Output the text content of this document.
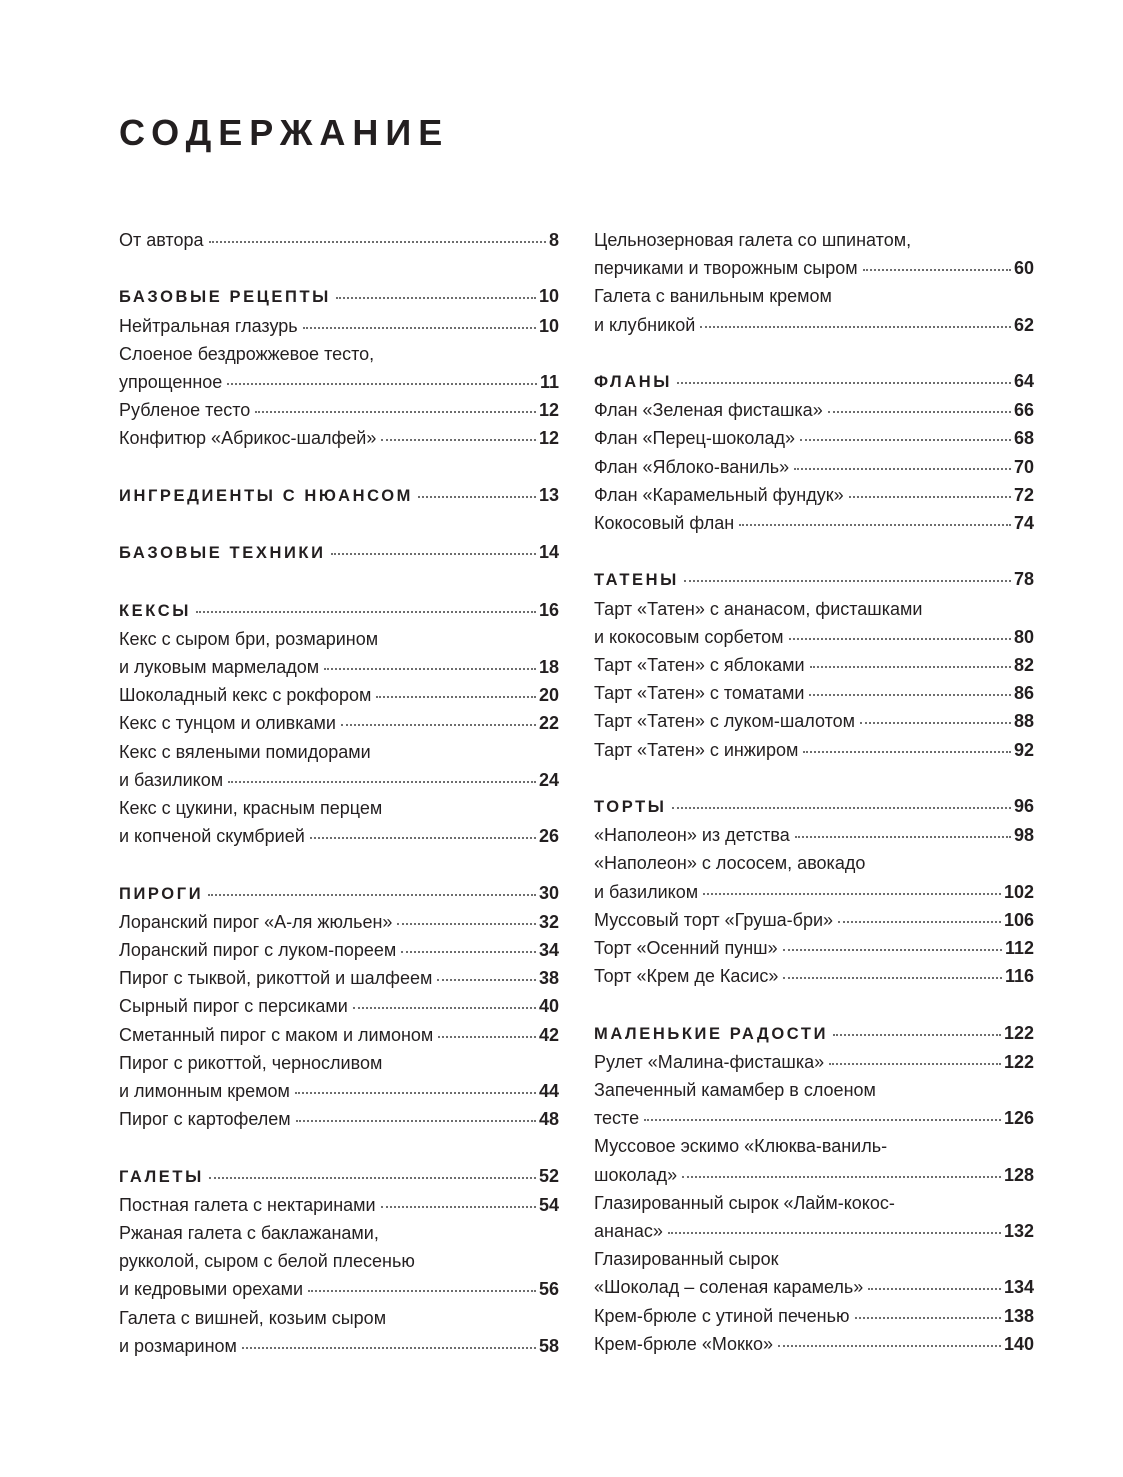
СОДЕРЖАНИЕ
От автора	8
БАЗОВЫЕ РЕЦЕПТЫ	10
Нейтральная глазурь	10
Слоеное бездрожжевое тесто,
упрощенное	11
Рубленое тесто	12
Конфитюр «Абрикос-шалфей»	12
ИНГРЕДИЕНТЫ С НЮАНСОМ	13
БАЗОВЫЕ ТЕХНИКИ	14
КЕКСЫ	16
Кекс с сыром бри, розмарином
и луковым мармеладом	18
Шоколадный кекс с рокфором	20
Кекс с тунцом и оливками	22
Кекс с вялеными помидорами
и базиликом	24
Кекс с цукини, красным перцем
и копченой скумбрией	26
ПИРОГИ	30
Лоранский пирог «А-ля жюльен»	32
Лоранский пирог с луком-пореем	34
Пирог с тыквой, рикоттой и шалфеем	38
Сырный пирог с персиками	40
Сметанный пирог с маком и лимоном	42
Пирог с рикоттой, черносливом
и лимонным кремом	44
Пирог с картофелем	48
ГАЛЕТЫ	52
Постная галета с нектаринами	54
Ржаная галета с баклажанами,
рукколой, сыром с белой плесенью
и кедровыми орехами	56
Галета с вишней, козьим сыром
и розмарином	58
Цельнозерновая галета со шпинатом,
перчиками и творожным сыром	60
Галета с ванильным кремом
и клубникой	62
ФЛАНЫ	64
Флан «Зеленая фисташка»	66
Флан «Перец-шоколад»	68
Флан «Яблоко-ваниль»	70
Флан «Карамельный фундук»	72
Кокосовый флан	74
ТАТЕНЫ	78
Тарт «Татен» с ананасом, фисташками
и кокосовым сорбетом	80
Тарт «Татен» с яблоками	82
Тарт «Татен» с томатами	86
Тарт «Татен» с луком-шалотом	88
Тарт «Татен» с инжиром	92
ТОРТЫ	96
«Наполеон» из детства	98
«Наполеон» с лососем, авокадо
и базиликом	102
Муссовый торт «Груша-бри»	106
Торт «Осенний пунш»	112
Торт «Крем де Касис»	116
МАЛЕНЬКИЕ РАДОСТИ	122
Рулет «Малина-фисташка»	122
Запеченный камамбер в слоеном
тесте	126
Муссовое эскимо «Клюква-ваниль-
шоколад»	128
Глазированный сырок «Лайм-кокос-
ананас»	132
Глазированный сырок
«Шоколад – соленая карамель»	134
Крем-брюле с утиной печенью	138
Крем-брюле «Мокко»	140
